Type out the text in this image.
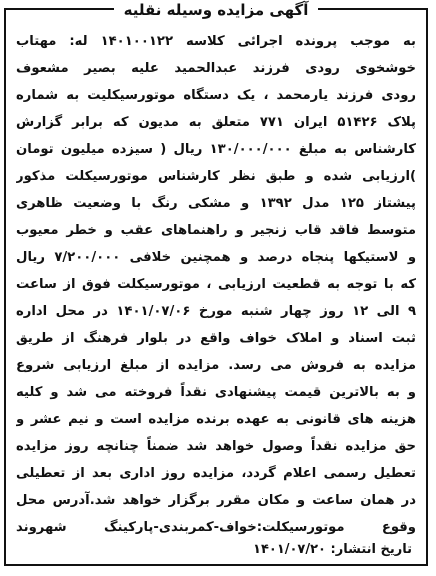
آگهی مزایده وسیله نقلیه
به موجب پرونده اجرائی کلاسه ۱۴۰۱۰۰۱۲۲ له: مهتاب
خوشخوی رودی فرزند عبدالحمید علیه بصیر مشعوف
رودی فرزند یارمحمد ، یک دستگاه موتورسیکلیت به شماره
پلاک ۵۱۴۲۶ ایران ۷۷۱ متعلق به مدیون که برابر گزارش
کارشناس به مبلغ ۱۳۰/۰۰۰/۰۰۰ ریال ( سیزده میلیون تومان
)ارزیابی شده و طبق نظر کارشناس موتورسیکلت مذکور
پیشتاز ۱۲۵ مدل ۱۳۹۲ و مشکی رنگ با وضعیت ظاهری
متوسط فاقد قاب زنجیر و راهنماهای عقب و خطر معیوب
و لاستیکها پنجاه درصد و همچنین خلافی ۷/۲۰۰/۰۰۰ ریال
که با توجه به قطعیت ارزیابی ، موتورسیکلت فوق از ساعت
۹ الی ۱۲ روز چهار شنبه مورخ ۱۴۰۱/۰۷/۰۶ در محل اداره
ثبت اسناد و املاک خواف واقع در بلوار فرهنگ از طریق
مزایده به فروش می رسد. مزایده از مبلغ ارزیابی شروع
و به بالاترین قیمت پیشنهادی نقداً فروخته می شد و کلیه
هزینه های قانونی به عهده برنده مزایده است و نیم عشر و
حق مزایده نقداً وصول خواهد شد ضمناً چنانچه روز مزایده
تعطیل رسمی اعلام گردد، مزایده روز اداری بعد از تعطیلی
در همان ساعت و مکان مقرر برگزار خواهد شد.آدرس محل
وقوع موتورسیکلت:خواف-کمربندی-پارکینگ شهروند
تاریخ انتشار: ۱۴۰۱/۰۷/۲۰
